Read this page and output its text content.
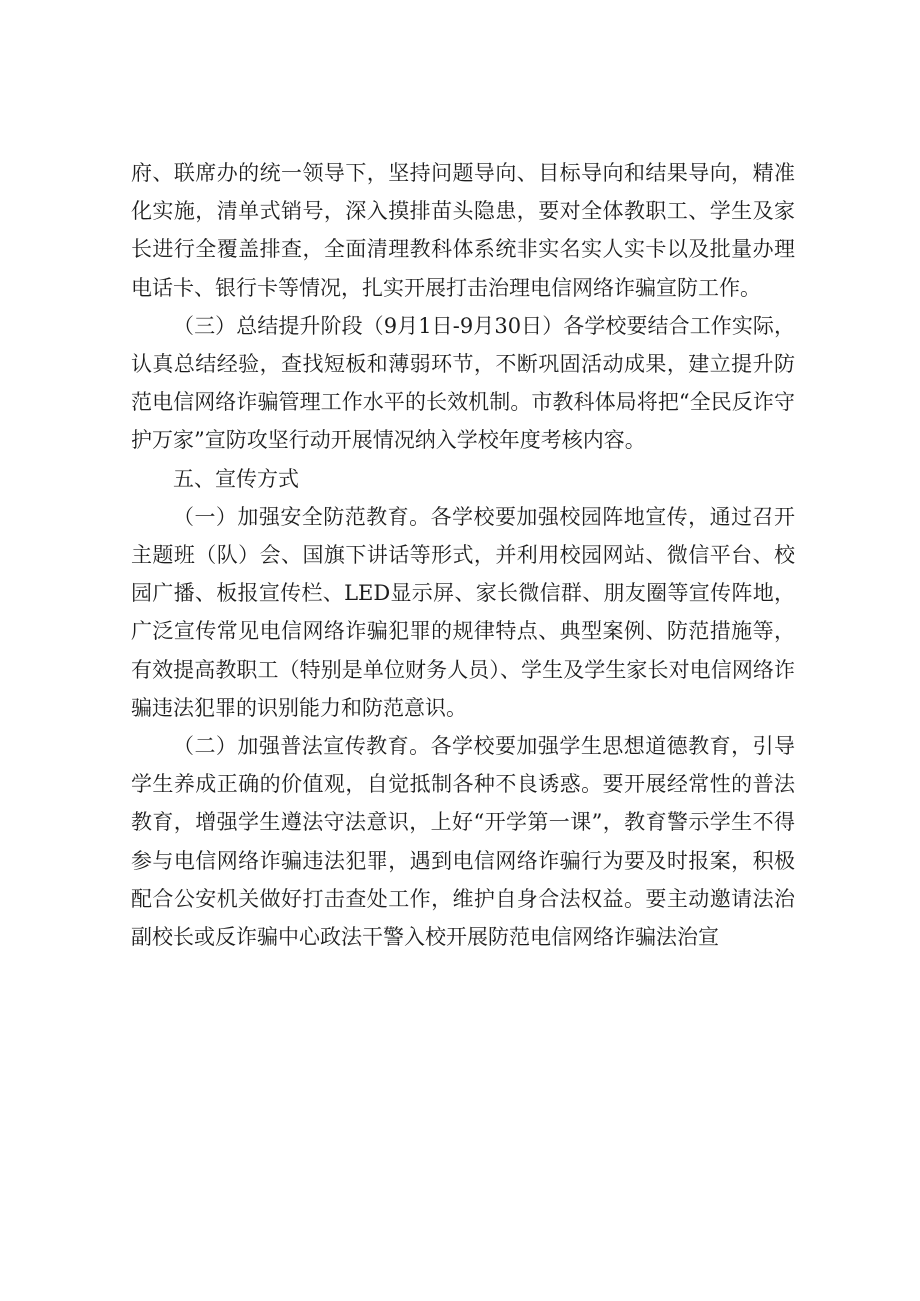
府、联席办的统一领导下，坚持问题导向、目标导向和结果导向，精准化实施，清单式销号，深入摸排苗头隐患，要对全体教职工、学生及家长进行全覆盖排查，全面清理教科体系统非实名实人实卡以及批量办理电话卡、银行卡等情况，扎实开展打击治理电信网络诈骗宣防工作。

（三）总结提升阶段（9月1日-9月30日）各学校要结合工作实际，认真总结经验，查找短板和薄弱环节，不断巩固活动成果，建立提升防范电信网络诈骗管理工作水平的长效机制。市教科体局将把“全民反诈守护万家”宣防攻坚行动开展情况纳入学校年度考核内容。

五、宣传方式

（一）加强安全防范教育。各学校要加强校园阵地宣传，通过召开主题班（队）会、国旗下讲话等形式，并利用校园网站、微信平台、校园广播、板报宣传栏、LED显示屏、家长微信群、朋友圈等宣传阵地，广泛宣传常见电信网络诈骗犯罪的规律特点、典型案例、防范措施等，有效提高教职工（特别是单位财务人员）、学生及学生家长对电信网络诈骗违法犯罪的识别能力和防范意识。

（二）加强普法宣传教育。各学校要加强学生思想道德教育，引导学生养成正确的价值观，自觉抵制各种不良诱惑。要开展经常性的普法教育，增强学生遵法守法意识，上好“开学第一课”，教育警示学生不得参与电信网络诈骗违法犯罪，遇到电信网络诈骗行为要及时报案，积极配合公安机关做好打击查处工作，维护自身合法权益。要主动邀请法治副校长或反诈骗中心政法干警入校开展防范电信网络诈骗法治宣
